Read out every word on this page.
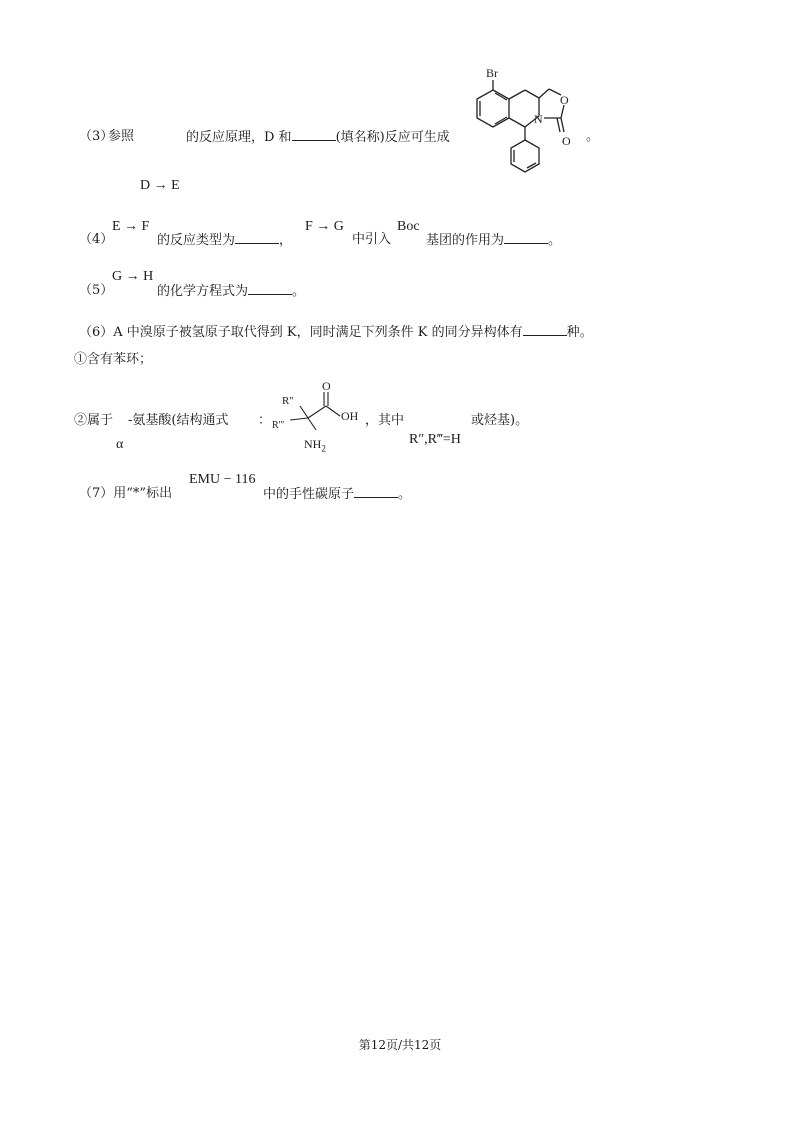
（3）
参照	的反应原理，D 和	(填名称)反应可生成	。
D → E
Br
N
O
O
（4）
E → F
的反应类型为	，
F → G
中引入
Boc
基团的作用为	。
（5）
G → H
的化学方程式为	。
（6）A 中溴原子被氢原子取代得到 K，同时满足下列条件 K 的同分异构体有	种。
①含有苯环；
②属于 -氨基酸(结构通式 ：
α
R''
R'''
O
OH
$NH_2$
，其中	或烃基)。
R″,R‴=H
（7）用“*”标出
EMU − 116
中的手性碳原子	。
第12页/共12页
